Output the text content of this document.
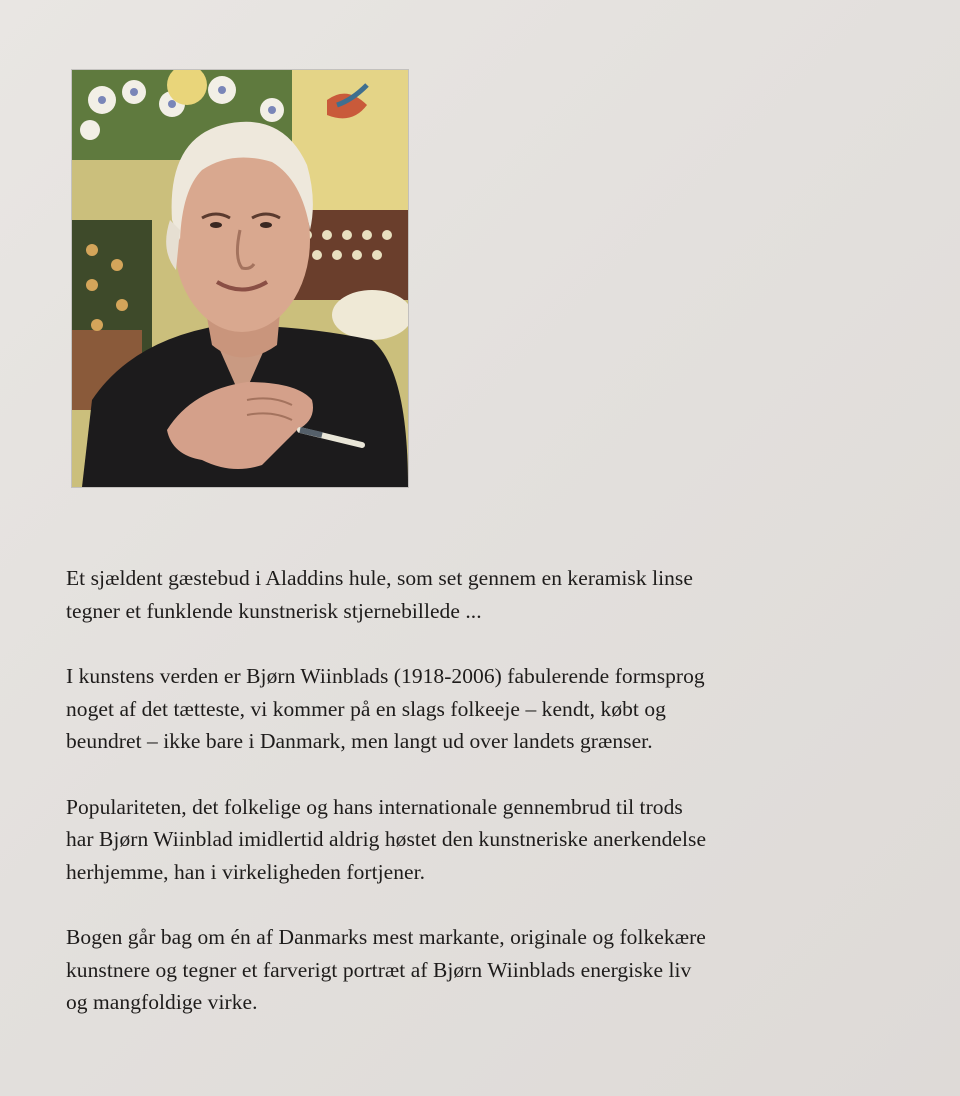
Et sjældent gæstebud i Aladdins hule, som set gennem en keramisk linse
tegner et funklende kunstnerisk stjernebillede ...

I kunstens verden er Bjørn Wiinblads (1918-2006) fabulerende formsprog
noget af det tætteste, vi kommer på en slags folkeeje – kendt, købt og
beundret – ikke bare i Danmark, men langt ud over landets grænser.

Populariteten, det folkelige og hans internationale gennembrud til trods
har Bjørn Wiinblad imidlertid aldrig høstet den kunstneriske anerkendelse
herhjemme, han i virkeligheden fortjener.

Bogen går bag om én af Danmarks mest markante, originale og folkekære
kunstnere og tegner et farverigt portræt af Bjørn Wiinblads energiske liv
og mangfoldige virke.
